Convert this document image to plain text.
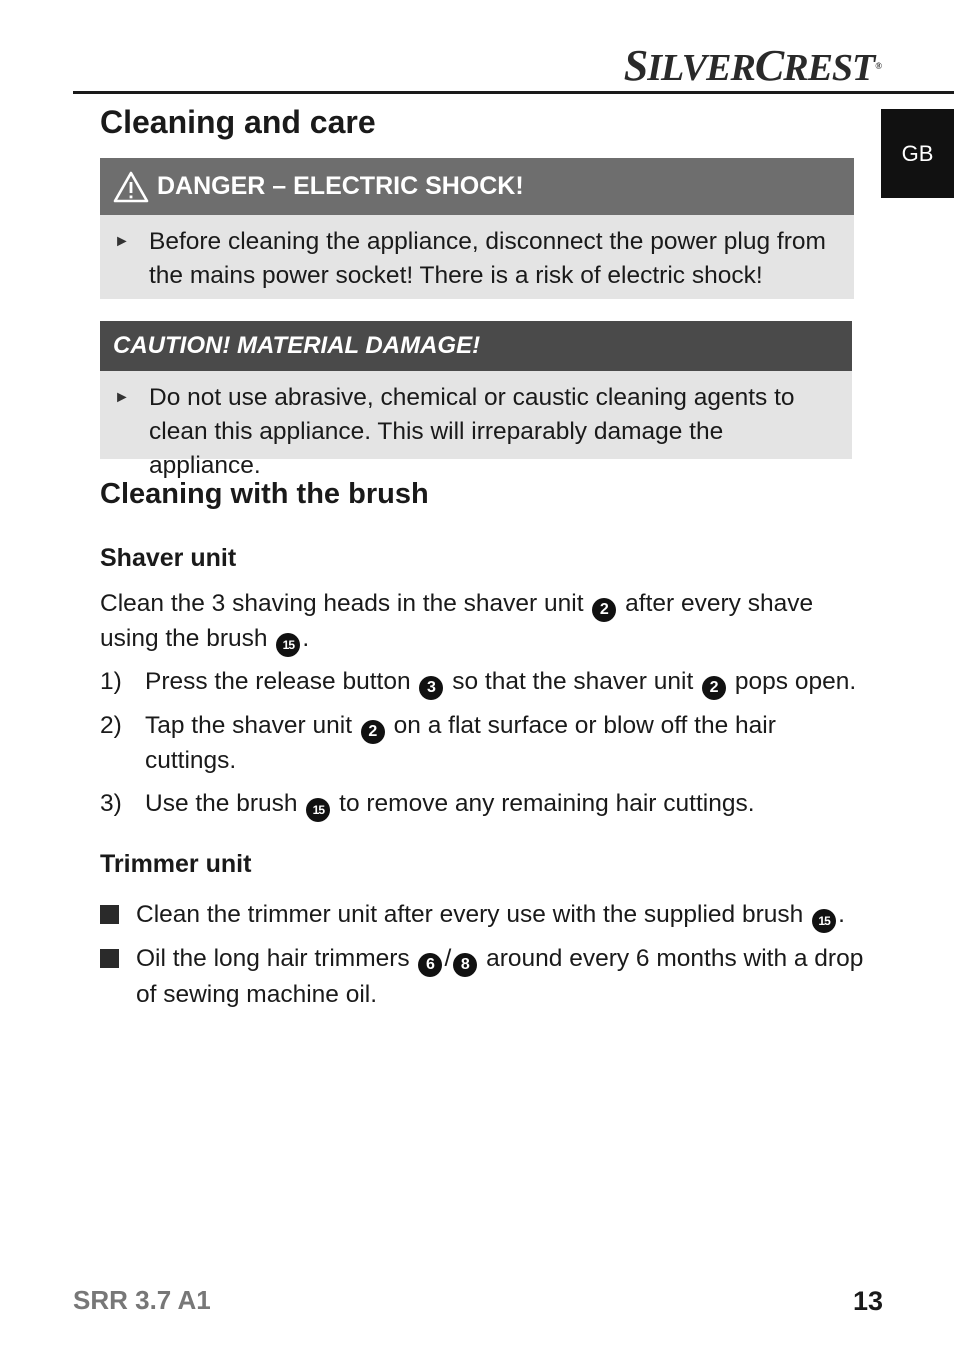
SILVERCREST®
GB
Cleaning and care
DANGER – ELECTRIC SHOCK!
► Before cleaning the appliance, disconnect the power plug from the mains power socket! There is a risk of electric shock!
CAUTION! MATERIAL DAMAGE!
► Do not use abrasive, chemical or caustic cleaning agents to clean this appliance. This will irreparably damage the appliance.
Cleaning with the brush
Shaver unit
Clean the 3 shaving heads in the shaver unit 2 after every shave using the brush 15 .
1) Press the release button 3 so that the shaver unit 2 pops open.
2) Tap the shaver unit 2 on a flat surface or blow off the hair cuttings.
3) Use the brush 15 to remove any remaining hair cuttings.
Trimmer unit
Clean the trimmer unit after every use with the supplied brush 15 .
Oil the long hair trimmers 6 / 8 around every 6 months with a drop of sewing machine oil.
SRR 3.7 A1	13
